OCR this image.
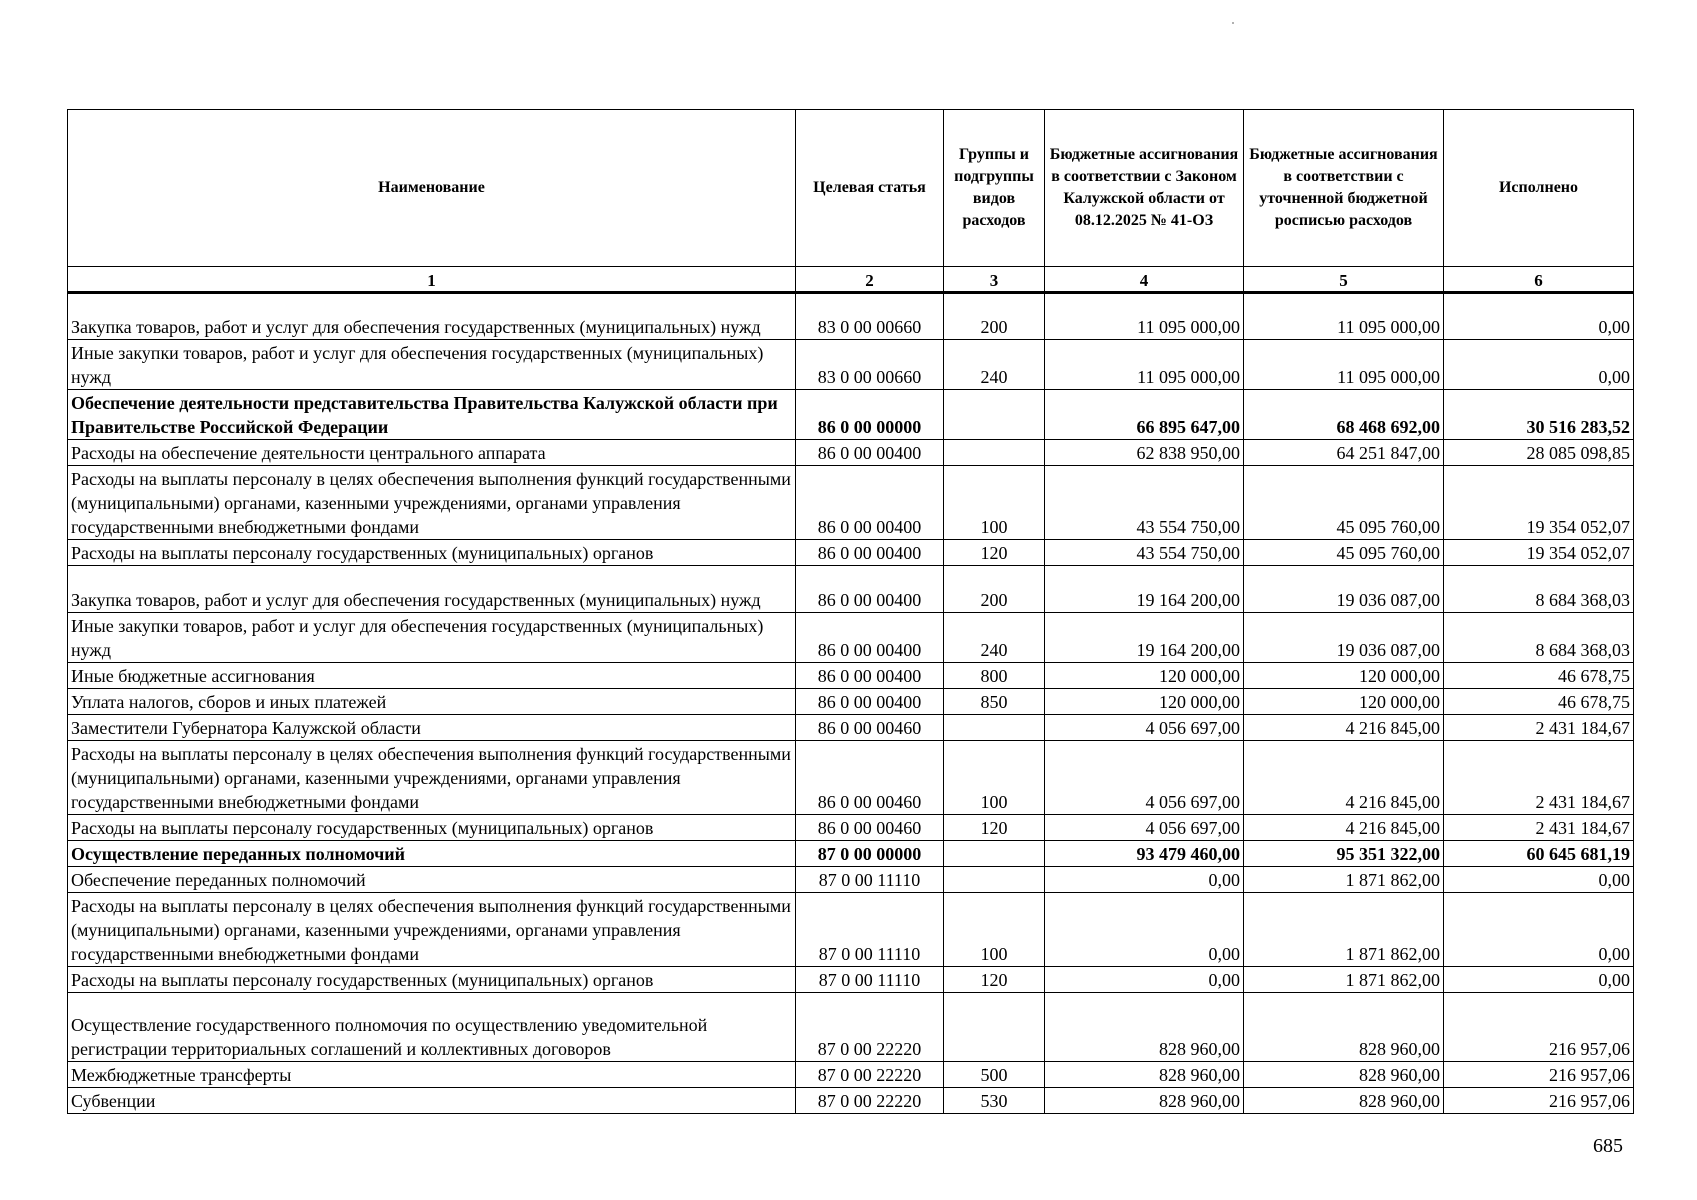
Наименование	Целевая статья	Группы и подгруппы видов расходов	Бюджетные ассигнования в соответствии с Законом Калужской области от 08.12.2025 № 41-ОЗ	Бюджетные ассигнования в соответствии с уточненной бюджетной росписью расходов	Исполнено
1	2	3	4	5	6
Закупка товаров, работ и услуг для обеспечения государственных (муниципальных) нужд	83 0 00 00660	200	11 095 000,00	11 095 000,00	0,00
Иные закупки товаров, работ и услуг для обеспечения государственных (муниципальных) нужд	83 0 00 00660	240	11 095 000,00	11 095 000,00	0,00
Обеспечение деятельности представительства Правительства Калужской области при Правительстве Российской Федерации	86 0 00 00000		66 895 647,00	68 468 692,00	30 516 283,52
Расходы на обеспечение деятельности центрального аппарата	86 0 00 00400		62 838 950,00	64 251 847,00	28 085 098,85
Расходы на выплаты персоналу в целях обеспечения выполнения функций государственными (муниципальными) органами, казенными учреждениями, органами управления государственными внебюджетными фондами	86 0 00 00400	100	43 554 750,00	45 095 760,00	19 354 052,07
Расходы на выплаты персоналу государственных (муниципальных) органов	86 0 00 00400	120	43 554 750,00	45 095 760,00	19 354 052,07
Закупка товаров, работ и услуг для обеспечения государственных (муниципальных) нужд	86 0 00 00400	200	19 164 200,00	19 036 087,00	8 684 368,03
Иные закупки товаров, работ и услуг для обеспечения государственных (муниципальных) нужд	86 0 00 00400	240	19 164 200,00	19 036 087,00	8 684 368,03
Иные бюджетные ассигнования	86 0 00 00400	800	120 000,00	120 000,00	46 678,75
Уплата налогов, сборов и иных платежей	86 0 00 00400	850	120 000,00	120 000,00	46 678,75
Заместители Губернатора Калужской области	86 0 00 00460		4 056 697,00	4 216 845,00	2 431 184,67
Расходы на выплаты персоналу в целях обеспечения выполнения функций государственными (муниципальными) органами, казенными учреждениями, органами управления государственными внебюджетными фондами	86 0 00 00460	100	4 056 697,00	4 216 845,00	2 431 184,67
Расходы на выплаты персоналу государственных (муниципальных) органов	86 0 00 00460	120	4 056 697,00	4 216 845,00	2 431 184,67
Осуществление переданных полномочий	87 0 00 00000		93 479 460,00	95 351 322,00	60 645 681,19
Обеспечение переданных полномочий	87 0 00 11110		0,00	1 871 862,00	0,00
Расходы на выплаты персоналу в целях обеспечения выполнения функций государственными (муниципальными) органами, казенными учреждениями, органами управления государственными внебюджетными фондами	87 0 00 11110	100	0,00	1 871 862,00	0,00
Расходы на выплаты персоналу государственных (муниципальных) органов	87 0 00 11110	120	0,00	1 871 862,00	0,00
Осуществление государственного полномочия по осуществлению уведомительной регистрации территориальных соглашений и коллективных договоров	87 0 00 22220		828 960,00	828 960,00	216 957,06
Межбюджетные трансферты	87 0 00 22220	500	828 960,00	828 960,00	216 957,06
Субвенции	87 0 00 22220	530	828 960,00	828 960,00	216 957,06
685
